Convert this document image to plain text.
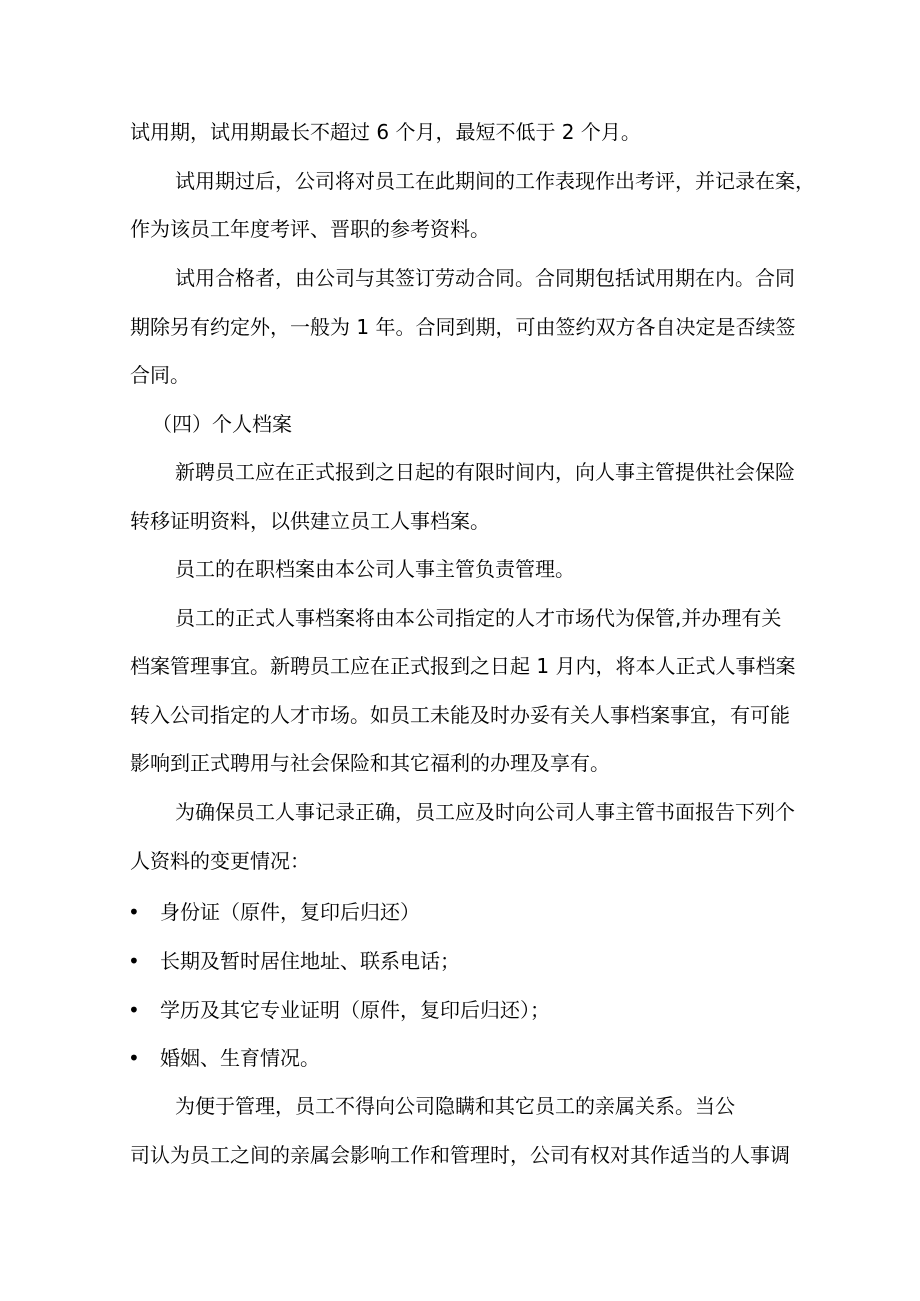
试用期，试用期最长不超过 6 个月，最短不低于 2 个月。
试用期过后，公司将对员工在此期间的工作表现作出考评，并记录在案，
作为该员工年度考评、晋职的参考资料。
试用合格者，由公司与其签订劳动合同。合同期包括试用期在内。合同
期除另有约定外，一般为 1 年。合同到期，可由签约双方各自决定是否续签
合同。
（四）个人档案
新聘员工应在正式报到之日起的有限时间内，向人事主管提供社会保险
转移证明资料，以供建立员工人事档案。
员工的在职档案由本公司人事主管负责管理。
员工的正式人事档案将由本公司指定的人才市场代为保管,并办理有关
档案管理事宜。新聘员工应在正式报到之日起 1 月内，将本人正式人事档案
转入公司指定的人才市场。如员工未能及时办妥有关人事档案事宜，有可能
影响到正式聘用与社会保险和其它福利的办理及享有。
为确保员工人事记录正确，员工应及时向公司人事主管书面报告下列个
人资料的变更情况：
• 身份证（原件，复印后归还）
• 长期及暂时居住地址、联系电话；
• 学历及其它专业证明（原件，复印后归还）；
• 婚姻、生育情况。
为便于管理，员工不得向公司隐瞒和其它员工的亲属关系。当公
司认为员工之间的亲属会影响工作和管理时，公司有权对其作适当的人事调
